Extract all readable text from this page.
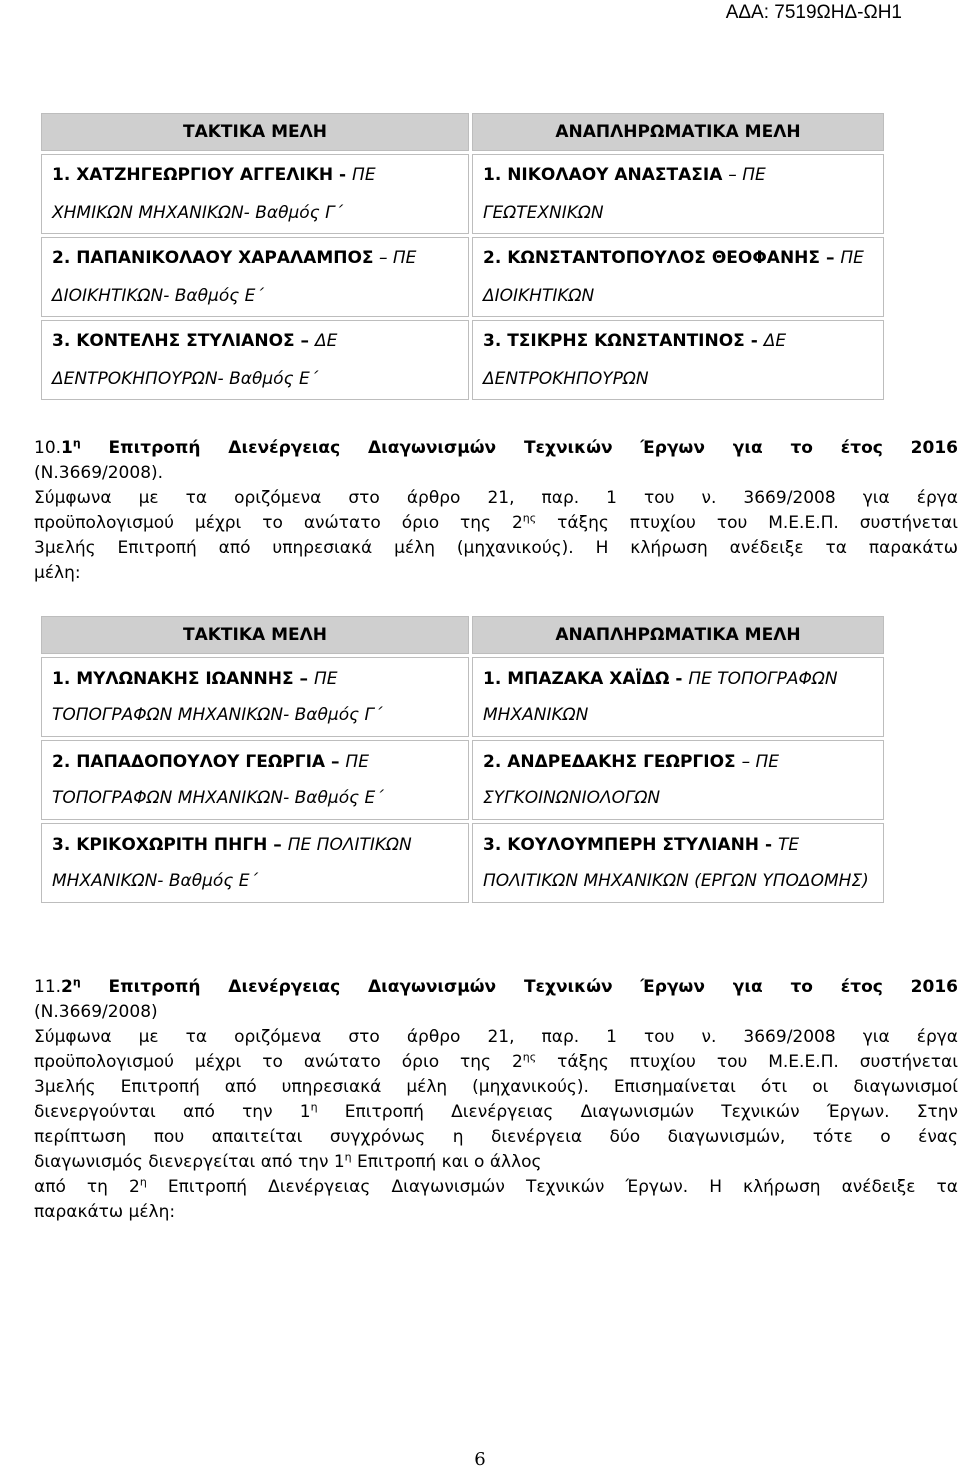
ΑΔΑ: 7519ΩΗΔ-ΩΗ1
ΤΑΚΤΙΚΑ ΜΕΛΗ	ΑΝΑΠΛΗΡΩΜΑΤΙΚΑ ΜΕΛΗ
1. ΧΑΤΖΗΓΕΩΡΓΙΟΥ ΑΓΓΕΛΙΚΗ - ΠΕ ΧΗΜΙΚΩΝ ΜΗΧΑΝΙΚΩΝ- Βαθμός Γ΄	1. ΝΙΚΟΛΑΟΥ ΑΝΑΣΤΑΣΙΑ – ΠΕ ΓΕΩΤΕΧΝΙΚΩΝ
2. ΠΑΠΑΝΙΚΟΛΑΟΥ ΧΑΡΑΛΑΜΠΟΣ – ΠΕ ΔΙΟΙΚΗΤΙΚΩΝ- Βαθμός Ε΄	2. ΚΩΝΣΤΑΝΤΟΠΟΥΛΟΣ ΘΕΟΦΑΝΗΣ – ΠΕ ΔΙΟΙΚΗΤΙΚΩΝ
3. ΚΟΝΤΕΛΗΣ ΣΤΥΛΙΑΝΟΣ – ΔΕ ΔΕΝΤΡΟΚΗΠΟΥΡΩΝ- Βαθμός Ε΄	3. ΤΣΙΚΡΗΣ ΚΩΝΣΤΑΝΤΙΝΟΣ - ΔΕ ΔΕΝΤΡΟΚΗΠΟΥΡΩΝ
$10.1^\eta$ Επιτροπή Διενέργειας Διαγωνισμών Τεχνικών Έργων για το έτος 2016
(Ν.3669/2008).
Σύμφωνα με τα οριζόμενα στο άρθρο 21, παρ. 1 του ν. 3669/2008 για έργα
προϋπολογισμού μέχρι το ανώτατο όριο της $2^{\eta\varsigma}$ τάξης πτυχίου του Μ.Ε.Ε.Π. συστήνεται
3μελής Επιτροπή από υπηρεσιακά μέλη (μηχανικούς). Η κλήρωση ανέδειξε τα παρακάτω
μέλη:
ΤΑΚΤΙΚΑ ΜΕΛΗ	ΑΝΑΠΛΗΡΩΜΑΤΙΚΑ ΜΕΛΗ
1. ΜΥΛΩΝΑΚΗΣ ΙΩΑΝΝΗΣ – ΠΕ ΤΟΠΟΓΡΑΦΩΝ ΜΗΧΑΝΙΚΩΝ- Βαθμός Γ΄	1. ΜΠΑΖΑΚΑ ΧΑΪΔΩ - ΠΕ ΤΟΠΟΓΡΑΦΩΝ ΜΗΧΑΝΙΚΩΝ
2. ΠΑΠΑΔΟΠΟΥΛΟΥ ΓΕΩΡΓΙΑ – ΠΕ ΤΟΠΟΓΡΑΦΩΝ ΜΗΧΑΝΙΚΩΝ- Βαθμός Ε΄	2. ΑΝΔΡΕΔΑΚΗΣ ΓΕΩΡΓΙΟΣ – ΠΕ ΣΥΓΚΟΙΝΩΝΙΟΛΟΓΩΝ
3. ΚΡΙΚΟΧΩΡΙΤΗ ΠΗΓΗ – ΠΕ ΠΟΛΙΤΙΚΩΝ ΜΗΧΑΝΙΚΩΝ- Βαθμός Ε΄	3. ΚΟΥΛΟΥΜΠΕΡΗ ΣΤΥΛΙΑΝΗ - ΤΕ ΠΟΛΙΤΙΚΩΝ ΜΗΧΑΝΙΚΩΝ (ΕΡΓΩΝ ΥΠΟΔΟΜΗΣ)
$11.2^\eta$ Επιτροπή Διενέργειας Διαγωνισμών Τεχνικών Έργων για το έτος 2016
(Ν.3669/2008)
Σύμφωνα με τα οριζόμενα στο άρθρο 21, παρ. 1 του ν. 3669/2008 για έργα
προϋπολογισμού μέχρι το ανώτατο όριο της $2^{\eta\varsigma}$ τάξης πτυχίου του Μ.Ε.Ε.Π. συστήνεται
3μελής Επιτροπή από υπηρεσιακά μέλη (μηχανικούς). Επισημαίνεται ότι οι διαγωνισμοί
διενεργούνται από την $1^\eta$ Επιτροπή Διενέργειας Διαγωνισμών Τεχνικών Έργων. Στην
περίπτωση που απαιτείται συγχρόνως η διενέργεια δύο διαγωνισμών, τότε ο ένας
διαγωνισμός διενεργείται από την $1^\eta$ Επιτροπή και ο άλλος
από τη $2^\eta$ Επιτροπή Διενέργειας Διαγωνισμών Τεχνικών Έργων. Η κλήρωση ανέδειξε τα
παρακάτω μέλη:
6
